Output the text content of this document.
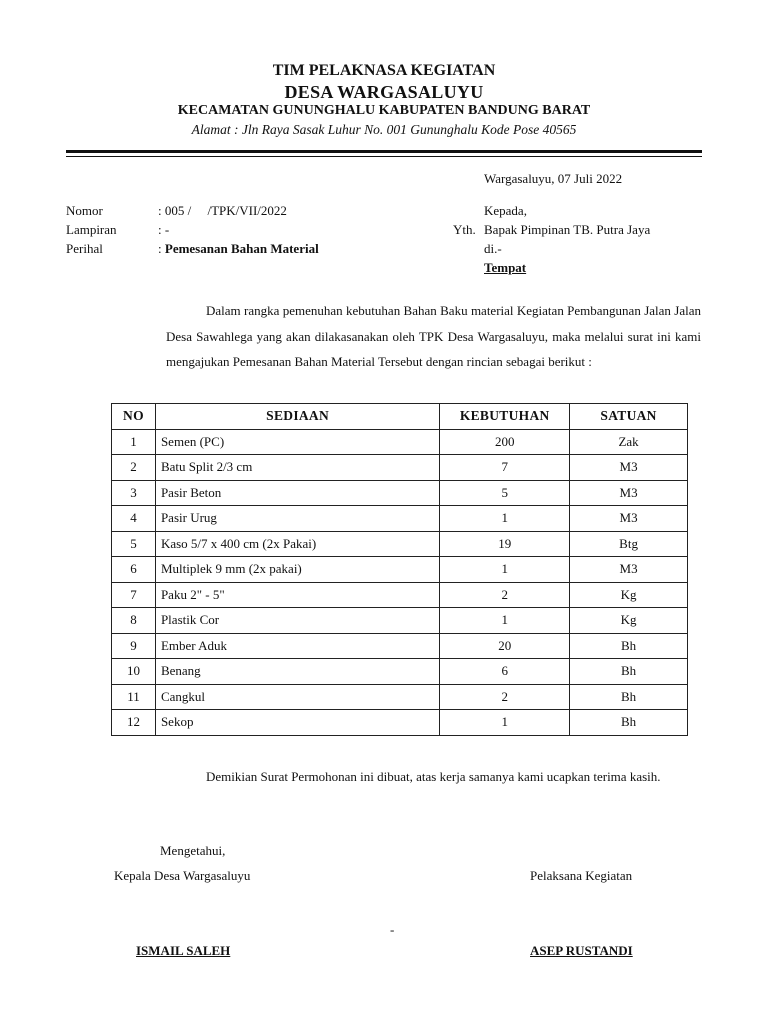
TIM PELAKNASA KEGIATAN
DESA WARGASALUYU
KECAMATAN GUNUNGHALU KABUPATEN BANDUNG BARAT
Alamat : Jln Raya Sasak Luhur No. 001 Gununghalu Kode Pose 40565
Wargasaluyu, 07 Juli 2022
Nomor	: 005 /     /TPK/VII/2022
Lampiran	: -
Perihal	: Pemesanan Bahan Material
Kepada,
Yth. Bapak Pimpinan TB. Putra Jaya
di.-
Tempat
Dalam rangka pemenuhan kebutuhan Bahan Baku material Kegiatan Pembangunan Jalan Jalan Desa Sawahlega yang akan dilakasanakan oleh TPK Desa Wargasaluyu, maka melalui surat ini kami mengajukan Pemesanan Bahan Material Tersebut dengan rincian sebagai berikut :
NO	SEDIAAN	KEBUTUHAN	SATUAN
1	Semen (PC)	200	Zak
2	Batu Split 2/3 cm	7	M3
3	Pasir Beton	5	M3
4	Pasir Urug	1	M3
5	Kaso 5/7 x 400 cm (2x Pakai)	19	Btg
6	Multiplek 9 mm (2x pakai)	1	M3
7	Paku 2" - 5"	2	Kg
8	Plastik Cor	1	Kg
9	Ember Aduk	20	Bh
10	Benang	6	Bh
11	Cangkul	2	Bh
12	Sekop	1	Bh
Demikian Surat Permohonan ini dibuat, atas kerja samanya kami ucapkan terima kasih.
Mengetahui,
Kepala Desa Wargasaluyu	Pelaksana Kegiatan
-
ISMAIL SALEH	ASEP RUSTANDI
